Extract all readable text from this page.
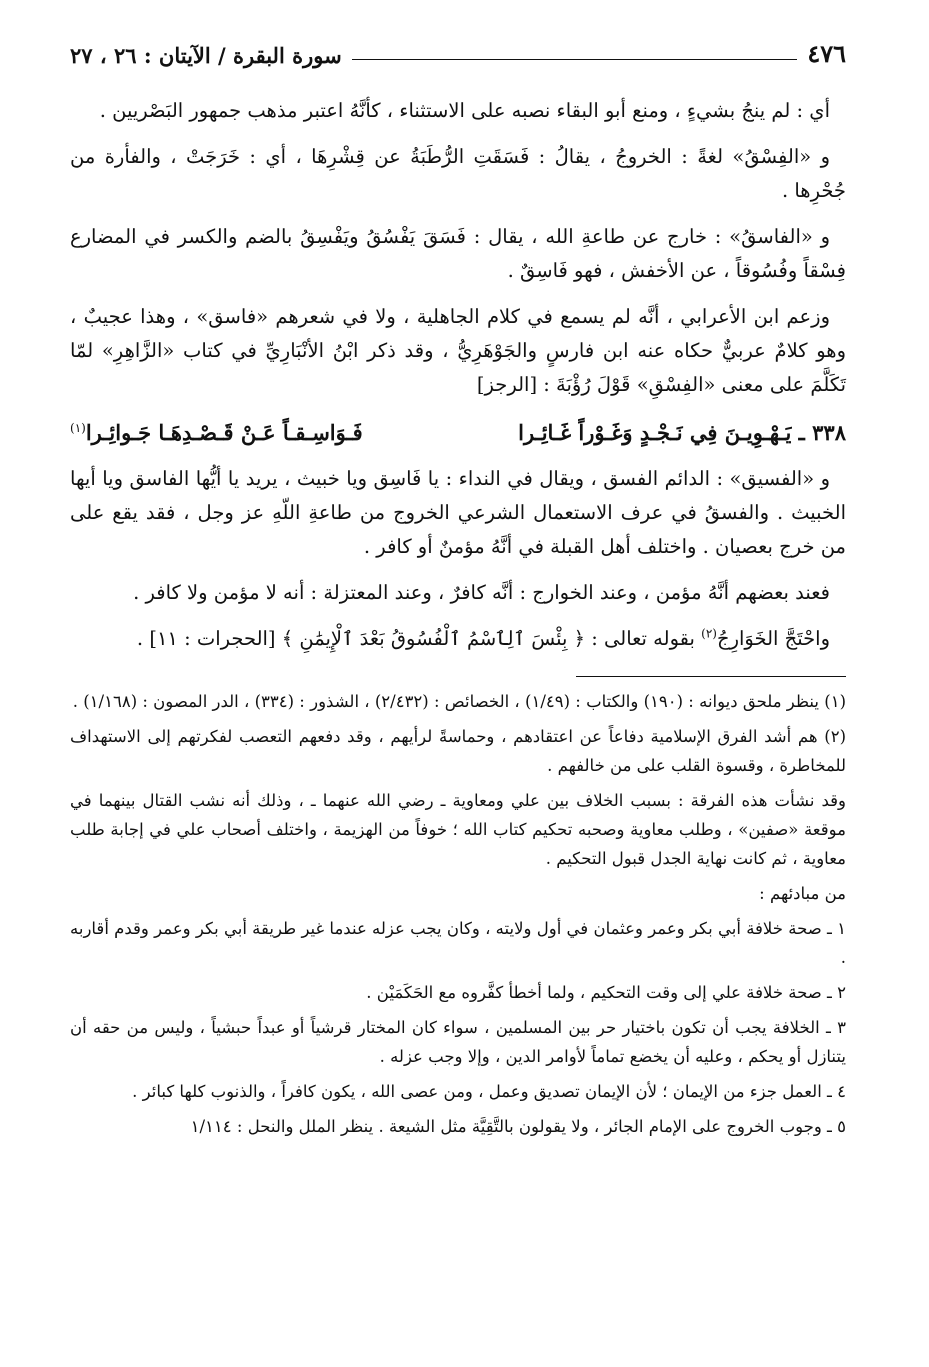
٤٧٦
سورة البقرة / الآيتان : ٢٦ ، ٢٧

أي : لم ينجُ بشيءٍ ، ومنع أبو البقاء نصبه على الاستثناء ، كأنَّهُ اعتبر مذهب جمهور البَصْريين .

و «الفِسْقُ» لغةً : الخروجُ ، يقالُ : فَسَقَتِ الرُّطَبَةُ عن قِشْرِهَا ، أي : خَرَجَتْ ، والفأرة من جُحْرِها .

و «الفاسقُ» : خارج عن طاعةِ الله ، يقال : فَسَقَ يَفْسُقُ ويَفْسِقُ بالضم والكسر في المضارع فِسْقاً وفُسُوقاً ، عن الأخفش ، فهو فَاسِقٌ .

وزعم ابن الأعرابي ، أنَّه لم يسمع في كلام الجاهلية ، ولا في شعرهم «فاسق» ، وهذا عجيبٌ ، وهو كلامٌ عربيٌّ حكاه عنه ابن فارسٍ والجَوْهَرِيُّ ، وقد ذكر ابْنُ الأنْبَارِيِّ في كتاب «الزَّاهِرِ» لمّا تَكَلَّمَ على معنى «الفِسْقِ» قَوْلَ رُؤْبَةَ : [الرجز]

٣٣٨ ـ يَـهْـوِيـنَ فِي نَـجْـدٍ وَغَـوْراً غَـائِـرا
فَـوَاسِـقـاً عَـنْ قَـصْـدِهَـا جَـوائِـرا$^{(١)}$

و «الفسيق» : الدائم الفسق ، ويقال في النداء : يا فَاسِق ويا خبيث ، يريد يا أيُّها الفاسق ويا أيها الخبيث . والفسقُ في عرف الاستعمال الشرعي الخروج من طاعةِ اللّهِ عز وجل ، فقد يقع على من خرج بعصيان . واختلف أهل القبلة في أنَّهُ مؤمنٌ أو كافر .

فعند بعضهم أنَّهُ مؤمن ، وعند الخوارج : أنَّه كافرٌ ، وعند المعتزلة : أنه لا مؤمن ولا كافر .

واحْتَجَّ الخَوَارِجُ$^{(٢)}$ بقوله تعالى : ﴿ بِئْسَ ٱلِٱسْمُ ٱلْفُسُوقُ بَعْدَ ٱلْإِيمَٰنِ ﴾ [الحجرات : ١١] .

(١) ينظر ملحق ديوانه : (١٩٠) والكتاب : (١/٤٩) ، الخصائص : (٢/٤٣٢) ، الشذور : (٣٣٤) ، الدر المصون : (١/١٦٨) .

(٢) هم أشد الفرق الإسلامية دفاعاً عن اعتقادهم ، وحماسةً لرأيهم ، وقد دفعهم التعصب لفكرتهم إلى الاستهداف للمخاطرة ، وقسوة القلب على من خالفهم .

وقد نشأت هذه الفرقة : بسبب الخلاف بين علي ومعاوية ـ رضي الله عنهما ـ ، وذلك أنه نشب القتال بينهما في موقعة «صفين» ، وطلب معاوية وصحبه تحكيم كتاب الله ؛ خوفاً من الهزيمة ، واختلف أصحاب علي في إجابة طلب معاوية ، ثم كانت نهاية الجدل قبول التحكيم .

من مبادئهم :

١ ـ صحة خلافة أبي بكر وعمر وعثمان في أول ولايته ، وكان يجب عزله عندما غير طريقة أبي بكر وعمر وقدم أقاربه .

٢ ـ صحة خلافة علي إلى وقت التحكيم ، ولما أخطأ كفَّروه مع الحَكَمَيْن .

٣ ـ الخلافة يجب أن تكون باختيار حر بين المسلمين ، سواء كان المختار قرشياً أو عبداً حبشياً ، وليس من حقه أن يتنازل أو يحكم ، وعليه أن يخضع تماماً لأوامر الدين ، وإلا وجب عزله .

٤ ـ العمل جزء من الإيمان ؛ لأن الإيمان تصديق وعمل ، ومن عصى الله ، يكون كافراً ، والذنوب كلها كبائر .

٥ ـ وجوب الخروج على الإمام الجائر ، ولا يقولون بالتَّقِيَّة مثل الشيعة . ينظر الملل والنحل : ١/١١٤
